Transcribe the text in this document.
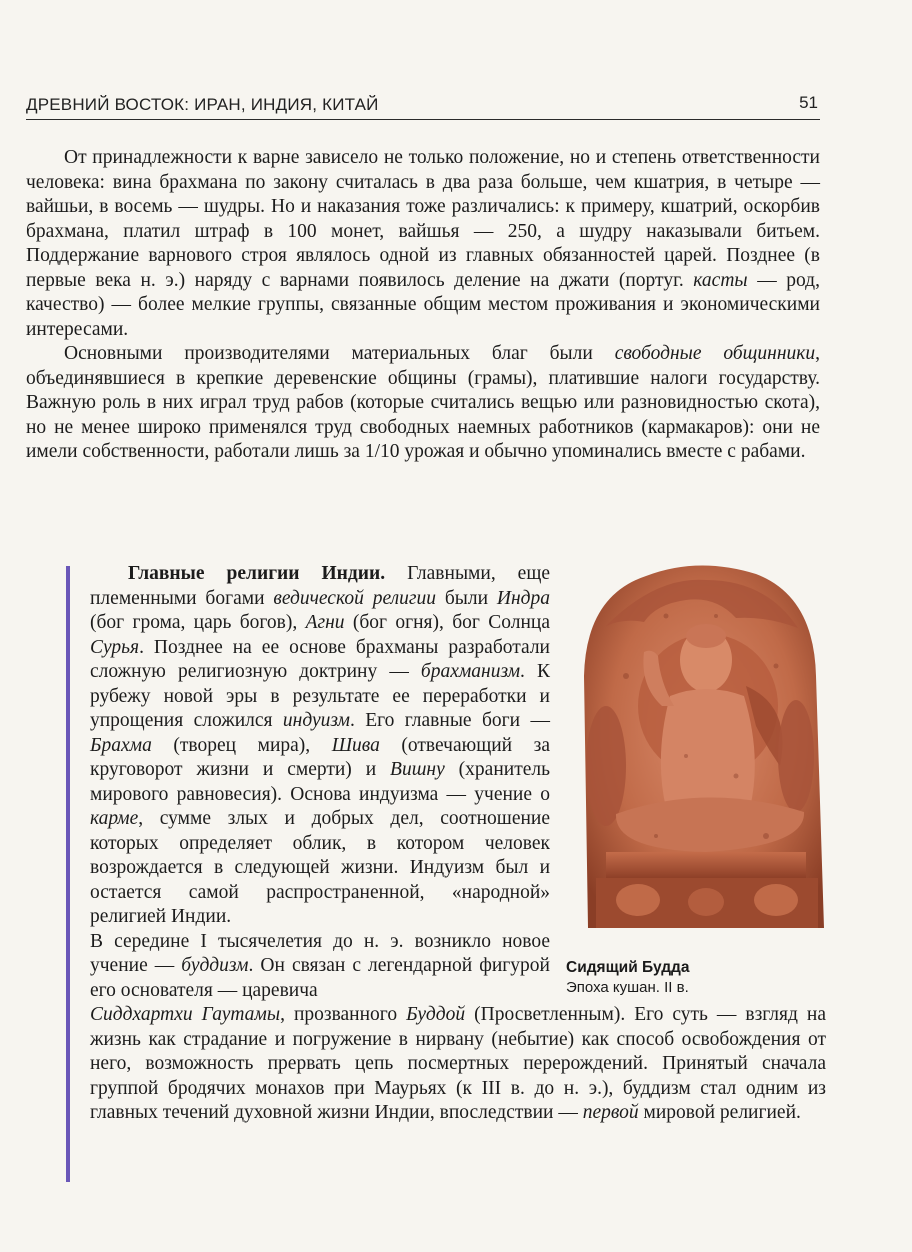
ДРЕВНИЙ ВОСТОК: ИРАН, ИНДИЯ, КИТАЙ	51

От принадлежности к варне зависело не только положение, но и степень ответственности человека: вина брахмана по закону считалась в два раза больше, чем кшатрия, в четыре — вайшьи, в восемь — шудры. Но и наказания тоже различались: к примеру, кшатрий, оскорбив брахмана, платил штраф в 100 монет, вайшья — 250, а шудру наказывали битьем. Поддержание варнового строя являлось одной из главных обязанностей царей. Позднее (в первые века н. э.) наряду с варнами появилось деление на джати (португ. касты — род, качество) — более мелкие группы, связанные общим местом проживания и экономическими интересами.

Основными производителями материальных благ были свободные общинники, объединявшиеся в крепкие деревенские общины (грамы), платившие налоги государству. Важную роль в них играл труд рабов (которые считались вещью или разновидностью скота), но не менее широко применялся труд свободных наемных работников (кармакаров): они не имели собственности, работали лишь за 1/10 урожая и обычно упоминались вместе с рабами.

Главные религии Индии. Главными, еще племенными богами ведической религии были Индра (бог грома, царь богов), Агни (бог огня), бог Солнца Сурья. Позднее на ее основе брахманы разработали сложную религиозную доктрину — брахманизм. К рубежу новой эры в результате ее переработки и упрощения сложился индуизм. Его главные боги — Брахма (творец мира), Шива (отвечающий за круговорот жизни и смерти) и Вишну (хранитель мирового равновесия). Основа индуизма — учение о карме, сумме злых и добрых дел, соотношение которых определяет облик, в котором человек возрождается в следующей жизни. Индуизм был и остается самой распространенной, «народной» религией Индии.

В середине I тысячелетия до н. э. возникло новое учение — буддизм. Он связан с легендарной фигурой его основателя — царевича

Сиддхартхи Гаутамы, прозванного Буддой (Просветленным). Его суть — взгляд на жизнь как страдание и погружение в нирвану (небытие) как способ освобождения от него, возможность прервать цепь посмертных перерождений. Принятый сначала группой бродячих монахов при Маурьях (к III в. до н. э.), буддизм стал одним из главных течений духовной жизни Индии, впоследствии — первой мировой религией.

Сидящий Будда
Эпоха кушан. II в.
